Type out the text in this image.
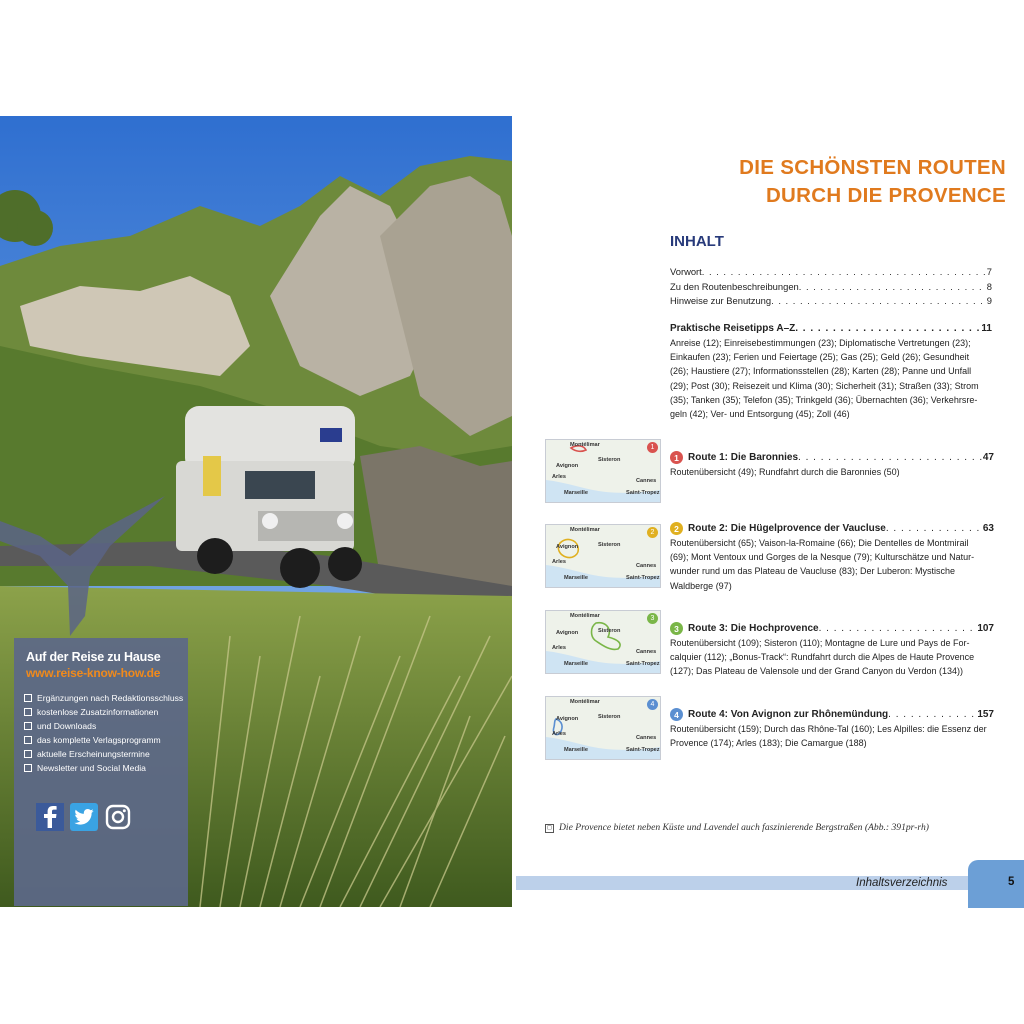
Auf der Reise zu Hause
www.reise-know-how.de
Ergänzungen nach Redaktionsschluss
kostenlose Zusatzinformationen
und Downloads
das komplette Verlagsprogramm
aktuelle Erscheinungstermine
Newsletter und Social Media
DIE SCHÖNSTEN ROUTEN
DURCH DIE PROVENCE
INHALT
Vorwort . . .	7
Zu den Routenbeschreibungen . . .	8
Hinweise zur Benutzung . . .	9
Praktische Reisetipps A–Z . . .	11
Anreise (12); Einreisebestimmungen (23); Diplomatische Vertretungen (23);
Einkaufen (23); Ferien und Feiertage (25); Gas (25); Geld (26); Gesundheit
(26); Haustiere (27); Informationsstellen (28); Karten (28); Panne und Unfall
(29); Post (30); Reisezeit und Klima (30); Sicherheit (31); Straßen (33); Strom
(35); Tanken (35); Telefon (35); Trinkgeld (36); Übernachten (36); Verkehrsre-
geln (42); Ver- und Entsorgung (45); Zoll (46)
Montélimar
Sisteron
Avignon
Arles
Cannes
Marseille	Saint-Tropez
1
1 Route 1: Die Baronnies . . .	47
Routenübersicht (49); Rundfahrt durch die Baronnies (50)
Montélimar
Sisteron
Avignon
Arles
Cannes
Marseille	Saint-Tropez
2	2 Route 2: Die Hügelprovence der Vaucluse . . .	63
Routenübersicht (65); Vaison-la-Romaine (66); Die Dentelles de Montmirail
(69); Mont Ventoux und Gorges de la Nesque (79); Kulturschätze und Natur-
wunder rund um das Plateau de Vaucluse (83); Der Luberon: Mystische
Waldberge (97)
Montélimar
Sisteron
Avignon
Arles
Cannes
Marseille	Saint-Tropez
3
3 Route 3: Die Hochprovence . . .	107
Routenübersicht (109); Sisteron (110); Montagne de Lure und Pays de For-
calquier (112); „Bonus-Track“: Rundfahrt durch die Alpes de Haute Provence
(127); Das Plateau de Valensole und der Grand Canyon du Verdon (134))
Montélimar
Sisteron
Avignon
Arles
Cannes
Marseille	Saint-Tropez
4
4 Route 4: Von Avignon zur Rhônemündung . . .	157
Routenübersicht (159); Durch das Rhône-Tal (160); Les Alpilles: die Essenz der
Provence (174); Arles (183); Die Camargue (188)
◻ Die Provence bietet neben Küste und Lavendel auch faszinierende Bergstraßen (Abb.: 391pr-rh)
Inhaltsverzeichnis	5
